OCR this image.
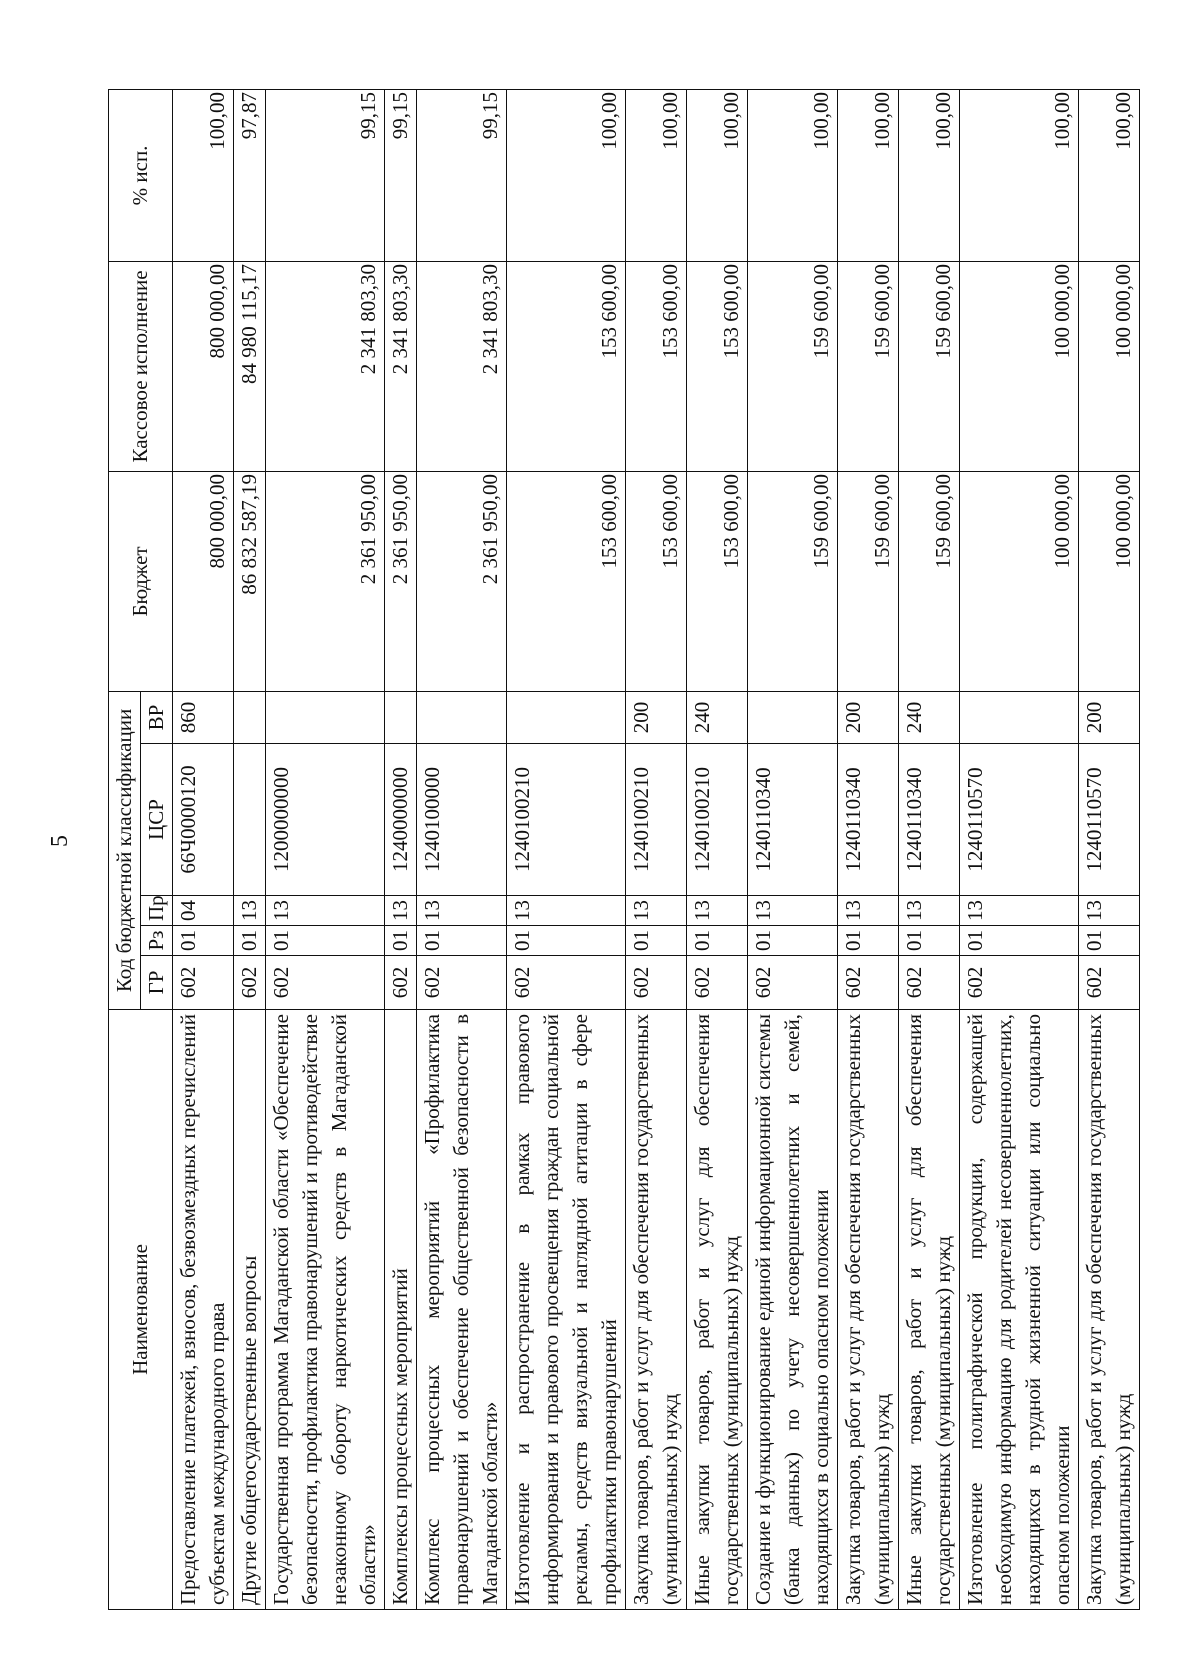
5
Наименование	Код бюджетной классификации					Бюджет	Кассовое исполнение	% исп.
	ГР	Рз	Пр	ЦСР	ВР			
Предоставление платежей, взносов, безвозмездных перечислений субъектам международного права	602	01	04	66Ч0000120	860	800 000,00	800 000,00	100,00
Другие общегосударственные вопросы	602	01	13			86 832 587,19	84 980 115,17	97,87
Государственная программа Магаданской области «Обеспечение безопасности, профилактика правонарушений и противодействие незаконному обороту наркотических средств в Магаданской области»	602	01	13	1200000000		2 361 950,00	2 341 803,30	99,15
Комплексы процессных мероприятий	602	01	13	1240000000		2 361 950,00	2 341 803,30	99,15
Комплекс процессных мероприятий «Профилактика правонарушений и обеспечение общественной безопасности в Магаданской области»	602	01	13	1240100000		2 361 950,00	2 341 803,30	99,15
Изготовление и распространение в рамках правового информирования и правового просвещения граждан социальной рекламы, средств визуальной и наглядной агитации в сфере профилактики правонарушений	602	01	13	1240100210		153 600,00	153 600,00	100,00
Закупка товаров, работ и услуг для обеспечения государственных (муниципальных) нужд	602	01	13	1240100210	200	153 600,00	153 600,00	100,00
Иные закупки товаров, работ и услуг для обеспечения государственных (муниципальных) нужд	602	01	13	1240100210	240	153 600,00	153 600,00	100,00
Создание и функционирование единой информационной системы (банка данных) по учету несовершеннолетних и семей, находящихся в социально опасном положении	602	01	13	1240110340		159 600,00	159 600,00	100,00
Закупка товаров, работ и услуг для обеспечения государственных (муниципальных) нужд	602	01	13	1240110340	200	159 600,00	159 600,00	100,00
Иные закупки товаров, работ и услуг для обеспечения государственных (муниципальных) нужд	602	01	13	1240110340	240	159 600,00	159 600,00	100,00
Изготовление полиграфической продукции, содержащей необходимую информацию для родителей несовершеннолетних, находящихся в трудной жизненной ситуации или социально опасном положении	602	01	13	1240110570		100 000,00	100 000,00	100,00
Закупка товаров, работ и услуг для обеспечения государственных (муниципальных) нужд	602	01	13	1240110570	200	100 000,00	100 000,00	100,00
